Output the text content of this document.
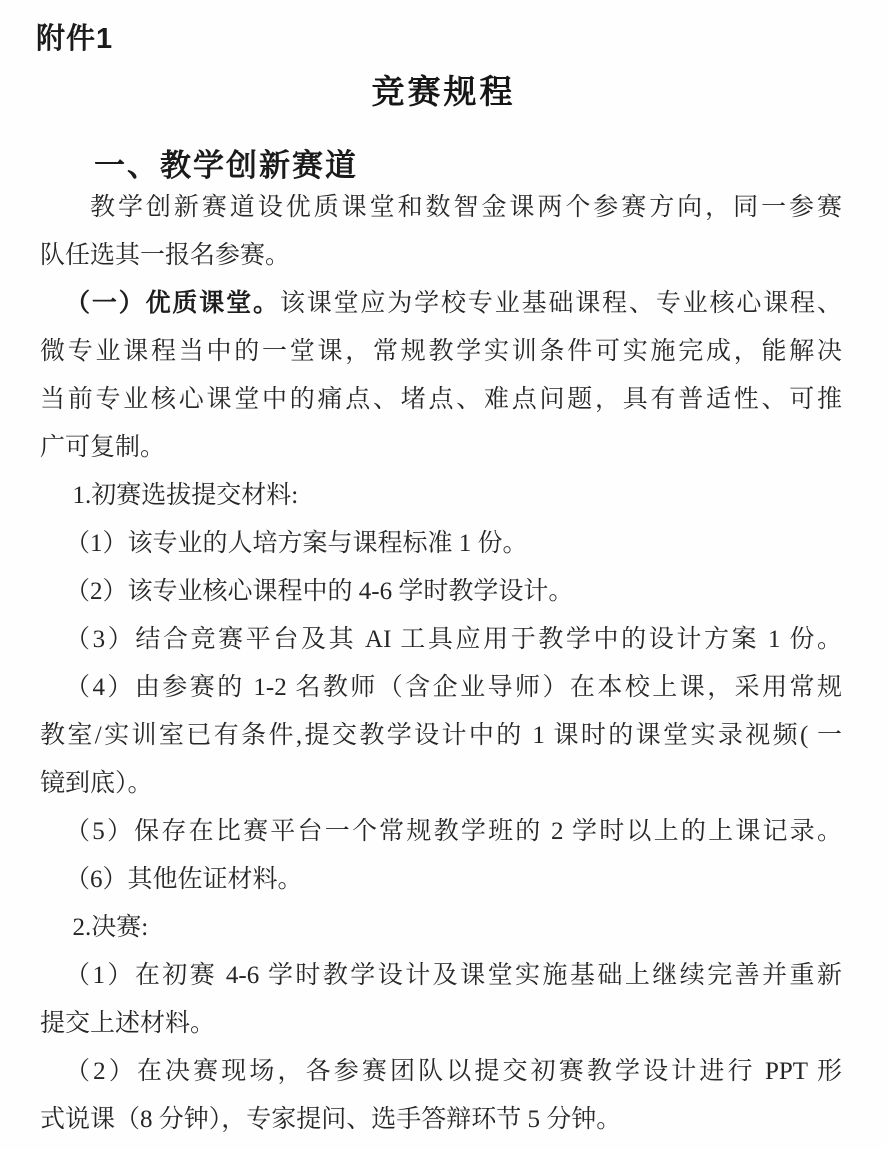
附件1
竞赛规程
一、教学创新赛道
教学创新赛道设优质课堂和数智金课两个参赛方向，同一参赛
队任选其一报名参赛。
（一）优质课堂。该课堂应为学校专业基础课程、专业核心课程、
微专业课程当中的一堂课，常规教学实训条件可实施完成，能解决
当前专业核心课堂中的痛点、堵点、难点问题，具有普适性、可推
广可复制。
1.初赛选拔提交材料:
（1）该专业的人培方案与课程标准 1 份。
（2）该专业核心课程中的 4-6 学时教学设计。
（3）结合竞赛平台及其 AI 工具应用于教学中的设计方案 1 份。
（4）由参赛的 1-2 名教师（含企业导师）在本校上课，采用常规
教室/实训室已有条件,提交教学设计中的 1 课时的课堂实录视频( 一
镜到底）。
（5）保存在比赛平台一个常规教学班的 2 学时以上的上课记录。
（6）其他佐证材料。
2.决赛:
（1）在初赛 4-6 学时教学设计及课堂实施基础上继续完善并重新
提交上述材料。
（2）在决赛现场，各参赛团队以提交初赛教学设计进行 PPT 形
式说课（8 分钟），专家提问、选手答辩环节 5 分钟。
